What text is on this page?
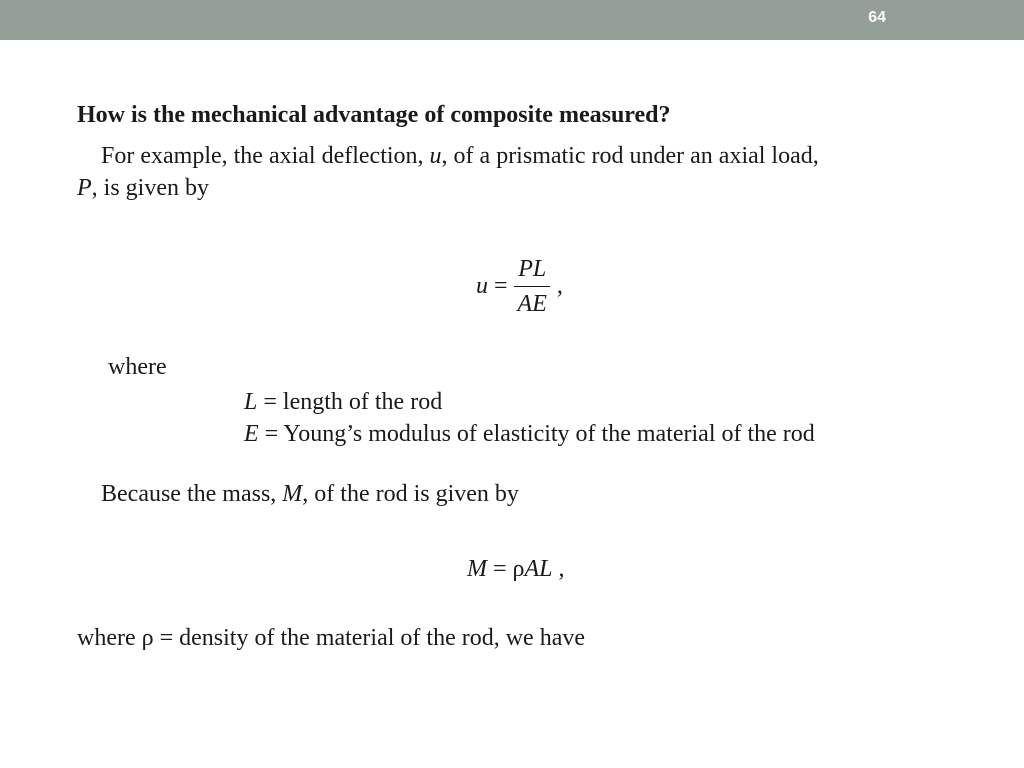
64
How is the mechanical advantage of composite measured?
For example, the axial deflection, u, of a prismatic rod under an axial load,
P, is given by
$u = \frac{PL}{AE}$ ,
where
L = length of the rod
E = Young’s modulus of elasticity of the material of the rod
Because the mass, M, of the rod is given by
M = ρAL ,
where ρ = density of the material of the rod, we have
